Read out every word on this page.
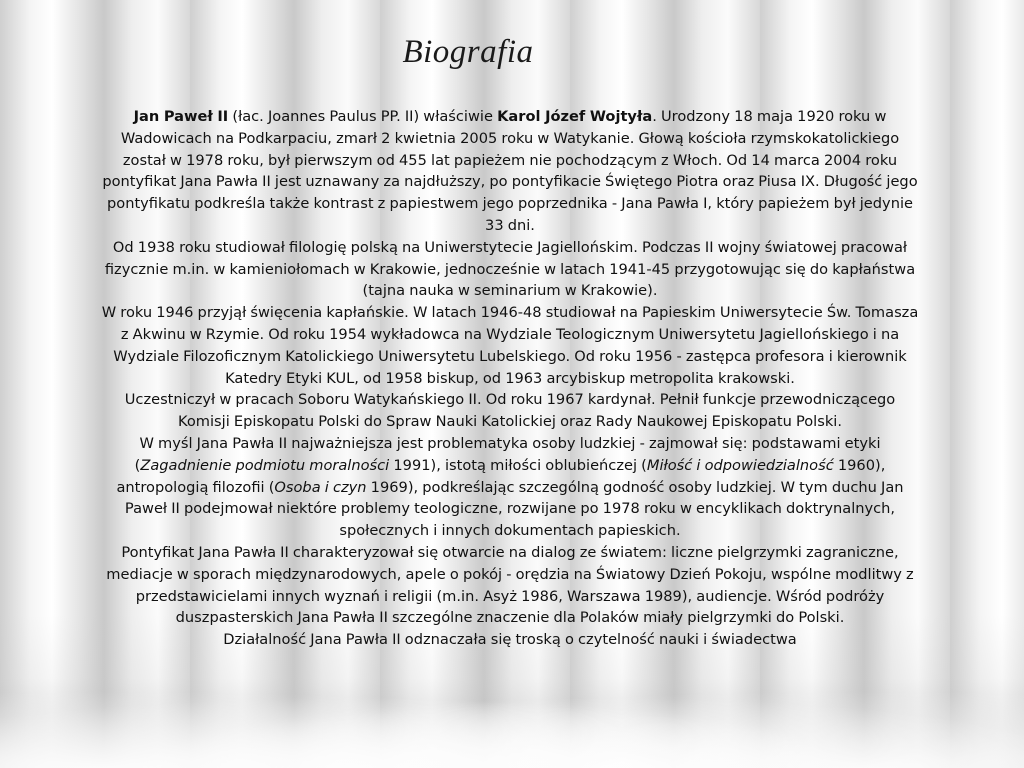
Biografia

Jan Paweł II (łac. Joannes Paulus PP. II) właściwie Karol Józef Wojtyła. Urodzony 18 maja 1920 roku w Wadowicach na Podkarpaciu, zmarł 2 kwietnia 2005 roku w Watykanie. Głową kościoła rzymskokatolickiego został w 1978 roku, był pierwszym od 455 lat papieżem nie pochodzącym z Włoch. Od 14 marca 2004 roku pontyfikat Jana Pawła II jest uznawany za najdłuższy, po pontyfikacie Świętego Piotra oraz Piusa IX. Długość jego pontyfikatu podkreśla także kontrast z papiestwem jego poprzednika - Jana Pawła I, który papieżem był jedynie 33 dni.

Od 1938 roku studiował filologię polską na Uniwerstytecie Jagiellońskim. Podczas II wojny światowej pracował fizycznie m.in. w kamieniołomach w Krakowie, jednocześnie w latach 1941-45 przygotowując się do kapłaństwa (tajna nauka w seminarium w Krakowie).

W roku 1946 przyjął święcenia kapłańskie. W latach 1946-48 studiował na Papieskim Uniwersytecie Św. Tomasza z Akwinu w Rzymie. Od roku 1954 wykładowca na Wydziale Teologicznym Uniwersytetu Jagiellońskiego i na Wydziale Filozoficznym Katolickiego Uniwersytetu Lubelskiego. Od roku 1956 - zastępca profesora i kierownik Katedry Etyki KUL, od 1958 biskup, od 1963 arcybiskup metropolita krakowski.

Uczestniczył w pracach Soboru Watykańskiego II. Od roku 1967 kardynał. Pełnił funkcje przewodniczącego Komisji Episkopatu Polski do Spraw Nauki Katolickiej oraz Rady Naukowej Episkopatu Polski.

W myśl Jana Pawła II najważniejsza jest problematyka osoby ludzkiej - zajmował się: podstawami etyki (Zagadnienie podmiotu moralności 1991), istotą miłości oblubieńczej (Miłość i odpowiedzialność 1960), antropologią filozofii (Osoba i czyn 1969), podkreślając szczególną godność osoby ludzkiej. W tym duchu Jan Paweł II podejmował niektóre problemy teologiczne, rozwijane po 1978 roku w encyklikach doktrynalnych, społecznych i innych dokumentach papieskich.

Pontyfikat Jana Pawła II charakteryzował się otwarcie na dialog ze światem: liczne pielgrzymki zagraniczne, mediacje w sporach międzynarodowych, apele o pokój - orędzia na Światowy Dzień Pokoju, wspólne modlitwy z przedstawicielami innych wyznań i religii (m.in. Asyż 1986, Warszawa 1989), audiencje. Wśród podróży duszpasterskich Jana Pawła II szczególne znaczenie dla Polaków miały pielgrzymki do Polski.

Działalność Jana Pawła II odznaczała się troską o czytelność nauki i świadectwa
